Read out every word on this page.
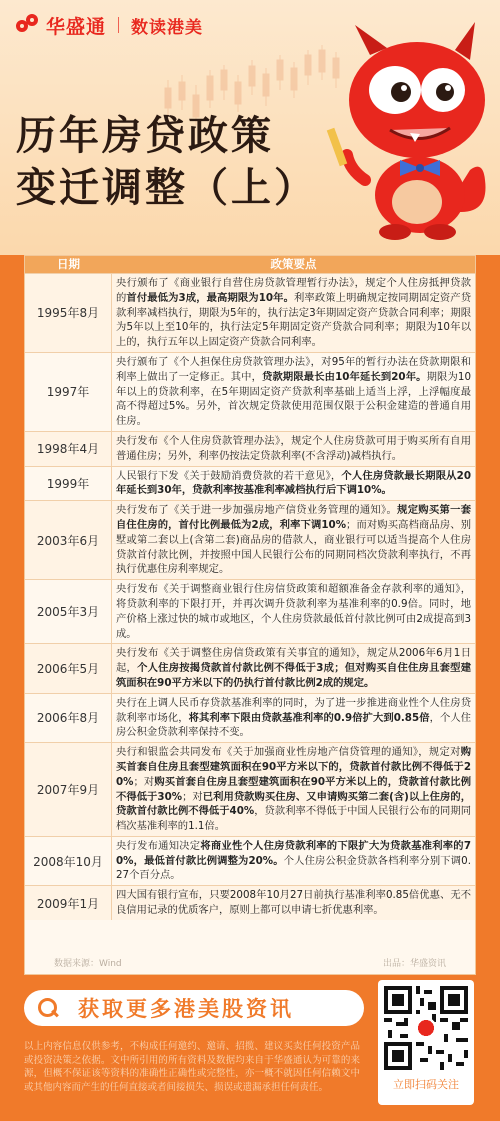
华盛通 数读港美
历年房贷政策
变迁调整（上）
日期	政策要点
1995年8月
央行颁布了《商业银行自营住房贷款管理暂行办法》，规定个人住房抵押贷款的首付最低为3成，最高期限为10年。利率政策上明确规定按同期固定资产贷款利率减档执行，期限为5年的，执行法定3年期固定资产贷款合同利率；期限为5年以上至10年的，执行法定5年期固定资产贷款合同利率；期限为10年以上的，执行五年以上固定资产贷款合同利率。
1997年
央行颁布了《个人担保住房贷款管理办法》，对95年的暂行办法在贷款期限和利率上做出了一定修正。其中，贷款期限最长由10年延长到20年。期限为10年以上的贷款利率，在5年期固定资产贷款利率基础上适当上浮，上浮幅度最高不得超过5%。另外，首次规定贷款使用范围仅限于公积金建造的普通自用住房。
1998年4月
央行发布《个人住房贷款管理办法》，规定个人住房贷款可用于购买所有自用普通住房；另外，利率仍按法定贷款利率(不含浮动)减档执行。
1999年
人民银行下发《关于鼓励消费贷款的若干意见》，个人住房贷款最长期限从20年延长到30年，贷款利率按基准利率减档执行后下调10%。
2003年6月
央行发布了《关于进一步加强房地产信贷业务管理的通知》。规定购买第一套自住住房的，首付比例最低为2成，利率下调10%；而对购买高档商品房、别墅或第二套以上(含第二套)商品房的借款人，商业银行可以适当提高个人住房贷款首付款比例，并按照中国人民银行公布的同期同档次贷款利率执行，不再执行优惠住房利率规定。
2005年3月
央行发布《关于调整商业银行住房信贷政策和超额准备金存款利率的通知》，将贷款利率的下限打开，并再次调升贷款利率为基准利率的0.9倍。同时，地产价格上涨过快的城市或地区，个人住房贷款最低首付款比例可由2成提高到3成。
2006年5月
央行发布《关于调整住房信贷政策有关事宜的通知》，规定从2006年6月1日起，个人住房按揭贷款首付款比例不得低于3成；但对购买自住住房且套型建筑面积在90平方米以下的仍执行首付款比例2成的规定。
2006年8月
央行在上调人民币存贷款基准利率的同时，为了进一步推进商业性个人住房贷款利率市场化，将其利率下限由贷款基准利率的0.9倍扩大到0.85倍，个人住房公积金贷款利率保持不变。
2007年9月
央行和银监会共同发布《关于加强商业性房地产信贷管理的通知》，规定对购买首套自住房且套型建筑面积在90平方米以下的，贷款首付款比例不得低于20%；对购买首套自住房且套型建筑面积在90平方米以上的，贷款首付款比例不得低于30%；对已利用贷款购买住房、又申请购买第二套(含)以上住房的，贷款首付款比例不得低于40%，贷款利率不得低于中国人民银行公布的同期同档次基准利率的1.1倍。
2008年10月
央行发布通知决定将商业性个人住房贷款利率的下限扩大为贷款基准利率的70%，最低首付款比例调整为20%。个人住房公积金贷款各档利率分别下调0.27个百分点。
2009年1月
四大国有银行宣布，只要2008年10月27日前执行基准利率0.85倍优惠、无不良信用记录的优质客户，原则上都可以申请七折优惠利率。
数据来源：Wind	出品：华盛资讯
获取更多港美股资讯
以上内容信息仅供参考，不构成任何邀约、邀请、招揽、建议买卖任何投资产品或投资决策之依据。文中所引用的所有资料及数据均来自于华盛通认为可靠的来源，但概不保证该等资料的准确性正确性或完整性，亦一概不就因任何信赖文中或其他内容而产生的任何直接或者间接损失、损误或遗漏承担任何责任。	立即扫码关注
